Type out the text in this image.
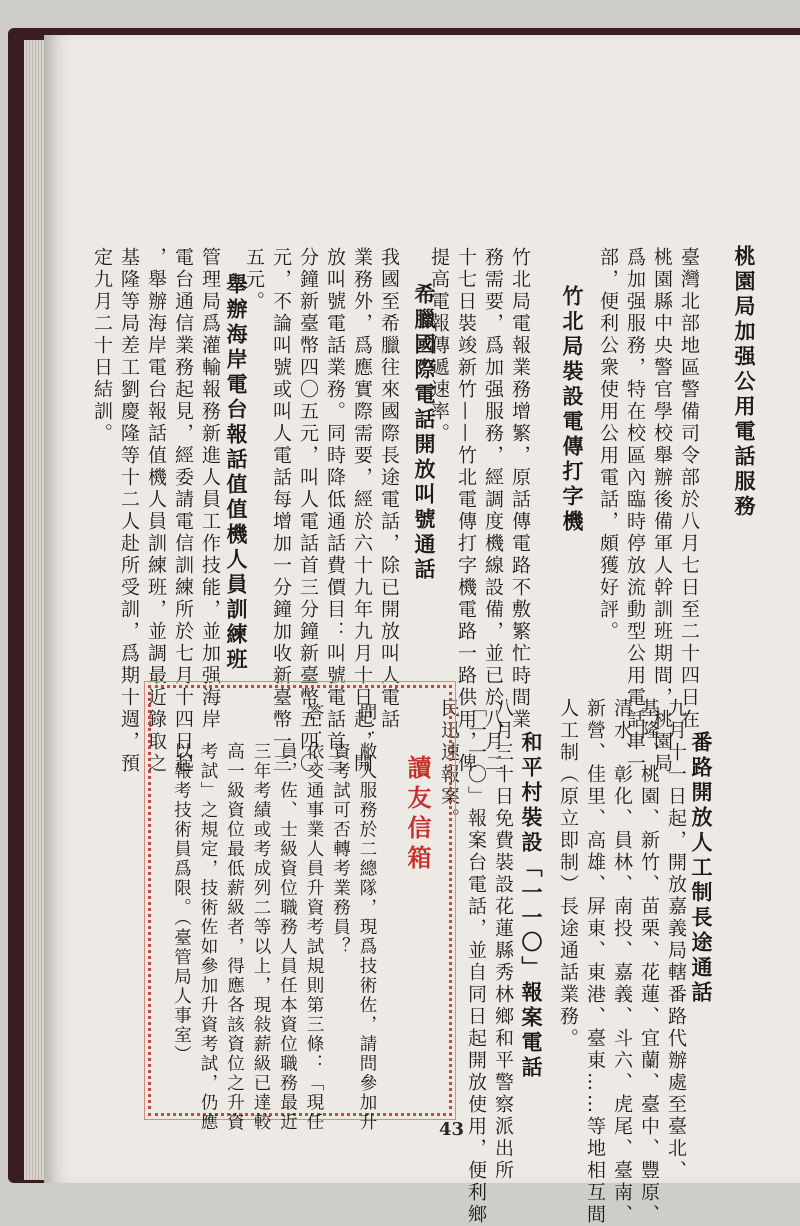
桃園局加强公用電話服務
臺灣北部地區警備司令部於八月七日至二十四日在
桃園縣中央警官學校舉辦後備軍人幹訓班期間，桃園局
爲加强服務，特在校區內臨時停放流動型公用電話車一
部，便利公衆使用公用電話，頗獲好評。
竹北局裝設電傳打字機
竹北局電報業務增繁，原話傳電路不敷繁忙時間業
務需要，爲加强服務，經調度機線設備，並已於八月二
十七日裝竣新竹——竹北電傳打字機電路一路供用，俾
提高電報傳遞速率。
希臘國際電話開放叫號通話
我國至希臘往來國際長途電話，除已開放叫人電話
業務外，爲應實際需要，經於六十九年九月十日起，開
放叫號電話業務。同時降低通話費價目：叫號電話首三
分鐘新臺幣四〇五元，叫人電話首三分鐘新臺幣五四〇
元，不論叫號或叫人電話每增加一分鐘加收新臺幣一三
五元。
舉辦海岸電台報話值值機人員訓練班
管理局爲灌輸報務新進人員工作技能，並加强海岸
電台通信業務起見，經委請電信訓練所於七月十四日起
，舉辦海岸電台報話值機人員訓練班，並調最近錄取之
基隆等局差工劉慶隆等十二人赴所受訓，爲期十週，預
定九月二十日結訓。
番路開放人工制長途通話
九月十一日起，開放嘉義局轄番路代辦處至臺北、
基隆、桃園、新竹、苗栗、花蓮、宜蘭、臺中、豐原、
清水、彰化、員林、南投、嘉義、斗六、虎尾、臺南、
新營、佳里、高雄、屏東、東港、臺東……等地相互間
人工制（原立即制）長途通話業務。
和平村裝設「一一〇」報案電話
八月三十日免費裝設花蓮縣秀林鄉和平警察派出所
「一一〇」報案台電話，並自同日起開放使用，便利鄉
民迅速報案。
讀友信箱
問：敝人服務於二總隊，現爲技術佐，請問參加升
　　資考試可否轉考業務員？
答：依交通事業人員升資考試規則第三條：「現任
　　員，佐、士級資位職務人員任本資位職務最近
　　三年考績或考成列二等以上，現敍薪級已達較
　　高一級資位最低薪級者，得應各該資位之升資
　　考試」之規定，技術佐如參加升資考試，仍應
　　以報考技術員爲限。（臺管局人事室）
43
